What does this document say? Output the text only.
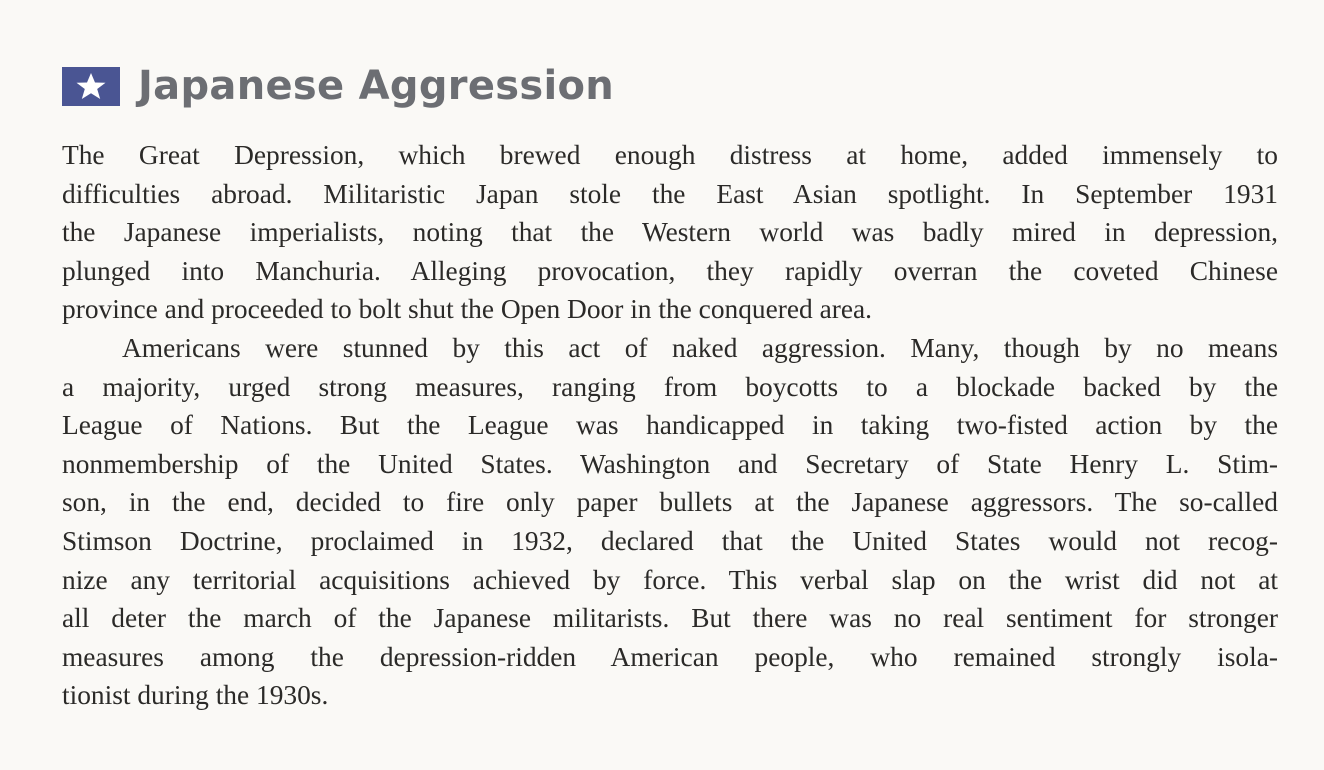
Japanese Aggression

The Great Depression, which brewed enough distress at home, added immensely to
difficulties abroad. Militaristic Japan stole the East Asian spotlight. In September 1931
the Japanese imperialists, noting that the Western world was badly mired in depression,
plunged into Manchuria. Alleging provocation, they rapidly overran the coveted Chinese
province and proceeded to bolt shut the Open Door in the conquered area.

Americans were stunned by this act of naked aggression. Many, though by no means
a majority, urged strong measures, ranging from boycotts to a blockade backed by the
League of Nations. But the League was handicapped in taking two-fisted action by the
nonmembership of the United States. Washington and Secretary of State Henry L. Stim-
son, in the end, decided to fire only paper bullets at the Japanese aggressors. The so-called
Stimson Doctrine, proclaimed in 1932, declared that the United States would not recog-
nize any territorial acquisitions achieved by force. This verbal slap on the wrist did not at
all deter the march of the Japanese militarists. But there was no real sentiment for stronger
measures among the depression-ridden American people, who remained strongly isola-
tionist during the 1930s.
